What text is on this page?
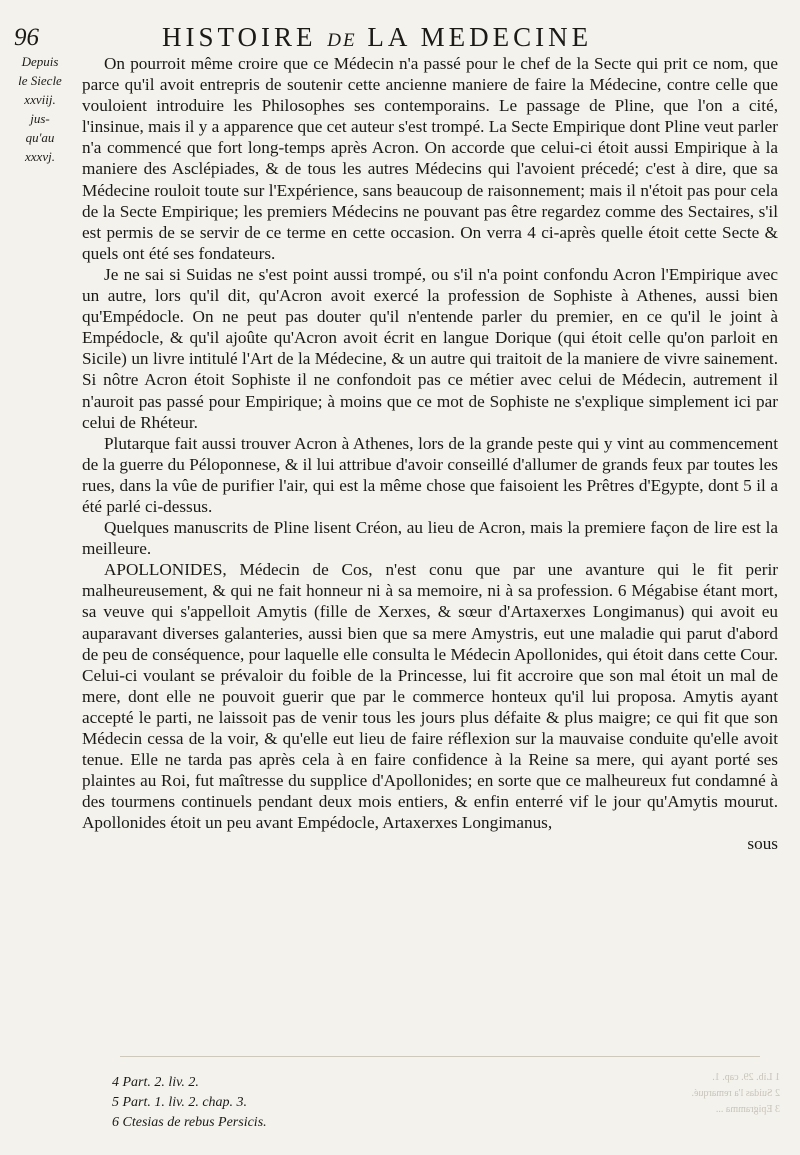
96	HISTOIRE DE LA MEDECINE
Depuis
le Siecle
xxviij.
jus-
qu'au
xxxvj.

On pourroit même croire que ce Médecin n'a passé pour le chef de la Secte qui prit ce nom, que parce qu'il avoit entrepris de soutenir cette ancienne maniere de faire la Médecine, contre celle que vouloient introduire les Philosophes ses contemporains. Le passage de Pline, que l'on a cité, l'insinue, mais il y a apparence que cet auteur s'est trompé. La Secte Empirique dont Pline veut parler n'a commencé que fort long-temps après Acron. On accorde que celui-ci étoit aussi Empirique à la maniere des Asclépiades, & de tous les autres Médecins qui l'avoient précedé; c'est à dire, que sa Médecine rouloit toute sur l'Expérience, sans beaucoup de raisonnement; mais il n'étoit pas pour cela de la Secte Empirique; les premiers Médecins ne pouvant pas être regardez comme des Sectaires, s'il est permis de se servir de ce terme en cette occasion. On verra 4 ci-après quelle étoit cette Secte & quels ont été ses fondateurs.

Je ne sai si Suidas ne s'est point aussi trompé, ou s'il n'a point confondu Acron l'Empirique avec un autre, lors qu'il dit, qu'Acron avoit exercé la profession de Sophiste à Athenes, aussi bien qu'Empédocle. On ne peut pas douter qu'il n'entende parler du premier, en ce qu'il le joint à Empédocle, & qu'il ajoûte qu'Acron avoit écrit en langue Dorique (qui étoit celle qu'on parloit en Sicile) un livre intitulé l'Art de la Médecine, & un autre qui traitoit de la maniere de vivre sainement. Si nôtre Acron étoit Sophiste il ne confondoit pas ce métier avec celui de Médecin, autrement il n'auroit pas passé pour Empirique; à moins que ce mot de Sophiste ne s'explique simplement ici par celui de Rhéteur.

Plutarque fait aussi trouver Acron à Athenes, lors de la grande peste qui y vint au commencement de la guerre du Péloponnese, & il lui attribue d'avoir conseillé d'allumer de grands feux par toutes les rues, dans la vûe de purifier l'air, qui est la même chose que faisoient les Prêtres d'Egypte, dont 5 il a été parlé ci-dessus.

Quelques manuscrits de Pline lisent Créon, au lieu de Acron, mais la premiere façon de lire est la meilleure.

APOLLONIDES, Médecin de Cos, n'est conu que par une avanture qui le fit perir malheureusement, & qui ne fait honneur ni à sa memoire, ni à sa profession. 6 Mégabise étant mort, sa veuve qui s'appelloit Amytis (fille de Xerxes, & sœur d'Artaxerxes Longimanus) qui avoit eu auparavant diverses galanteries, aussi bien que sa mere Amystris, eut une maladie qui parut d'abord de peu de conséquence, pour laquelle elle consulta le Médecin Apollonides, qui étoit dans cette Cour. Celui-ci voulant se prévaloir du foible de la Princesse, lui fit accroire que son mal étoit un mal de mere, dont elle ne pouvoit guerir que par le commerce honteux qu'il lui proposa. Amytis ayant accepté le parti, ne laissoit pas de venir tous les jours plus défaite & plus maigre; ce qui fit que son Médecin cessa de la voir, & qu'elle eut lieu de faire réflexion sur la mauvaise conduite qu'elle avoit tenue. Elle ne tarda pas après cela à en faire confidence à la Reine sa mere, qui ayant porté ses plaintes au Roi, fut maîtresse du supplice d'Apollonides; en sorte que ce malheureux fut condamné à des tourmens continuels pendant deux mois entiers, & enfin enterré vif le jour qu'Amytis mourut. Apollonides étoit un peu avant Empédocle, Artaxerxes Longimanus,

sous

4 Part. 2. liv. 2.
5 Part. 1. liv. 2. chap. 3.
6 Ctesias de rebus Persicis.
1 Lib. 29. cap. 1.
2 Suidas l'a remarqué.
3 Epigramma ...
